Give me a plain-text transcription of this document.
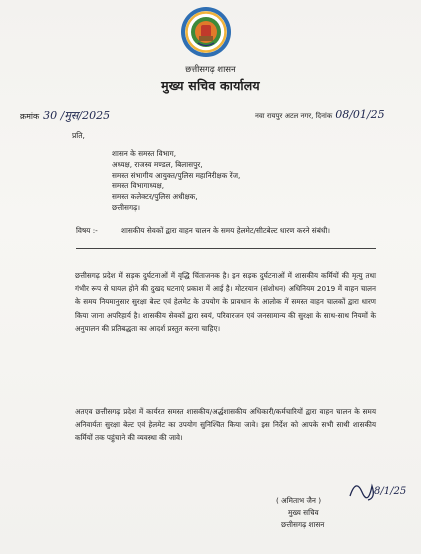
छत्तीसगढ़ शासन
मुख्य सचिव कार्यालय
क्रमांक 30 /मुस/2025	नवा रायपुर अटल नगर, दिनांक 08/01/25
प्रति,
शासन के समस्त विभाग,
अध्यक्ष, राजस्व मण्डल, बिलासपुर,
समस्त संभागीय आयुक्त/पुलिस महानिरीक्षक रेंज,
समस्त विभागाध्यक्ष,
समस्त कलेक्टर/पुलिस अधीक्षक,
छत्तीसगढ़।
विषय :-	शासकीय सेवकों द्वारा वाहन चालन के समय हेलमेट/सीटबेल्ट धारण करने संबंधी।
छत्तीसगढ़ प्रदेश में सड़क दुर्घटनाओं में वृद्धि चिंताजनक है। इन सड़क दुर्घटनाओं में शासकीय कर्मियों की मृत्यु तथा गंभीर रूप से घायल होने की दुखद घटनाएं प्रकाश में आई है। मोटरयान (संशोधन) अधिनियम 2019 में वाहन चालन के समय नियमानुसार सुरक्षा बेल्ट एवं हेलमेट के उपयोग के प्रावधान के आलोक में समस्त वाहन चालकों द्वारा धारण किया जाना अपरिहार्य है। शासकीय सेवकों द्वारा स्वयं, परिवारजन एवं जनसामान्य की सुरक्षा के साथ-साथ नियमों के अनुपालन की प्रतिबद्धता का आदर्श प्रस्तुत करना चाहिए।
अतएव छत्तीसगढ़ प्रदेश में कार्यरत समस्त शासकीय/अर्द्धशासकीय अधिकारी/कर्मचारियों द्वारा वाहन चालन के समय अनिवार्यतः सुरक्षा बेल्ट एवं हेलमेट का उपयोग सुनिश्चित किया जावे। इस निर्देश को आपके सभी साथी शासकीय कर्मियों तक पहुंचाने की व्यवस्था की जावे।
8/1/25
( अमिताभ जैन )
मुख्य सचिव
छत्तीसगढ़ शासन
